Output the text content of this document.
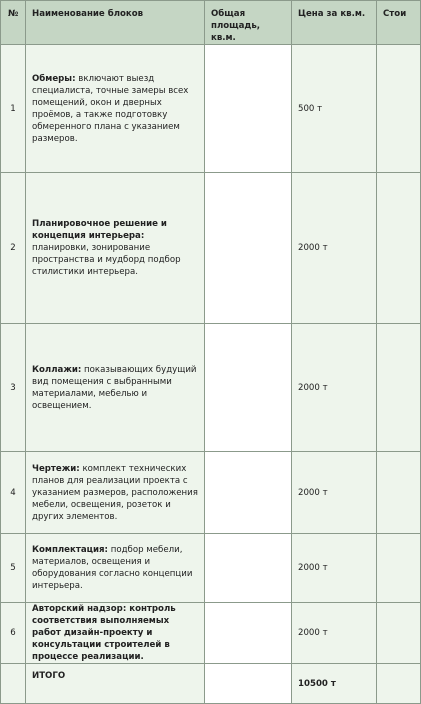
№	Наименование блоков	Общая площадь, кв.м.	Цена за кв.м.	Стои
1	Обмеры: включают выезд специалиста, точные замеры всех помещений, окон и дверных проёмов, а также подготовку обмеренного плана с указанием размеров.		500 т	
2	Планировочное решение и концепция интерьера: планировки, зонирование пространства и мудборд подбор стилистики интерьера.		2000 т	
3	Коллажи: показывающих будущий вид помещения с выбранными материалами, мебелью и освещением.		2000 т	
4	Чертежи: комплект технических планов для реализации проекта с указанием размеров, расположения мебели, освещения, розеток и других элементов.		2000 т	
5	Комплектация: подбор мебели, материалов, освещения и оборудования согласно концепции интерьера.		2000 т	
6	Авторский надзор: контроль соответствия выполняемых работ дизайн-проекту и консультации строителей в процессе реализации.		2000 т	
	ИТОГО		10500 т	
